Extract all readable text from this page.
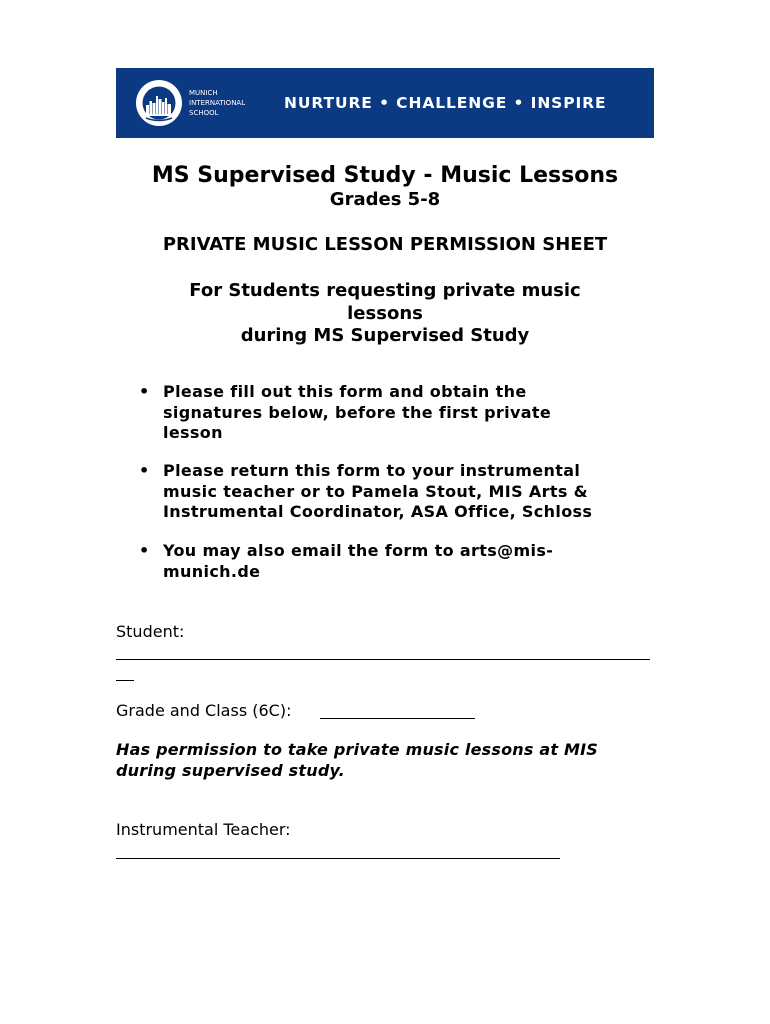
MUNICH
INTERNATIONAL
SCHOOL
NURTURE • CHALLENGE • INSPIRE
MS Supervised Study - Music Lessons
Grades 5-8
PRIVATE MUSIC LESSON PERMISSION SHEET
For Students requesting private music
lessons
during MS Supervised Study
• Please fill out this form and obtain the
signatures below, before the first private
lesson
• Please return this form to your instrumental
music teacher or to Pamela Stout, MIS Arts &
Instrumental Coordinator, ASA Office, Schloss
• You may also email the form to arts@mis-
munich.de
Student:
Grade and Class (6C):
Has permission to take private music lessons at MIS
during supervised study.
Instrumental Teacher:
